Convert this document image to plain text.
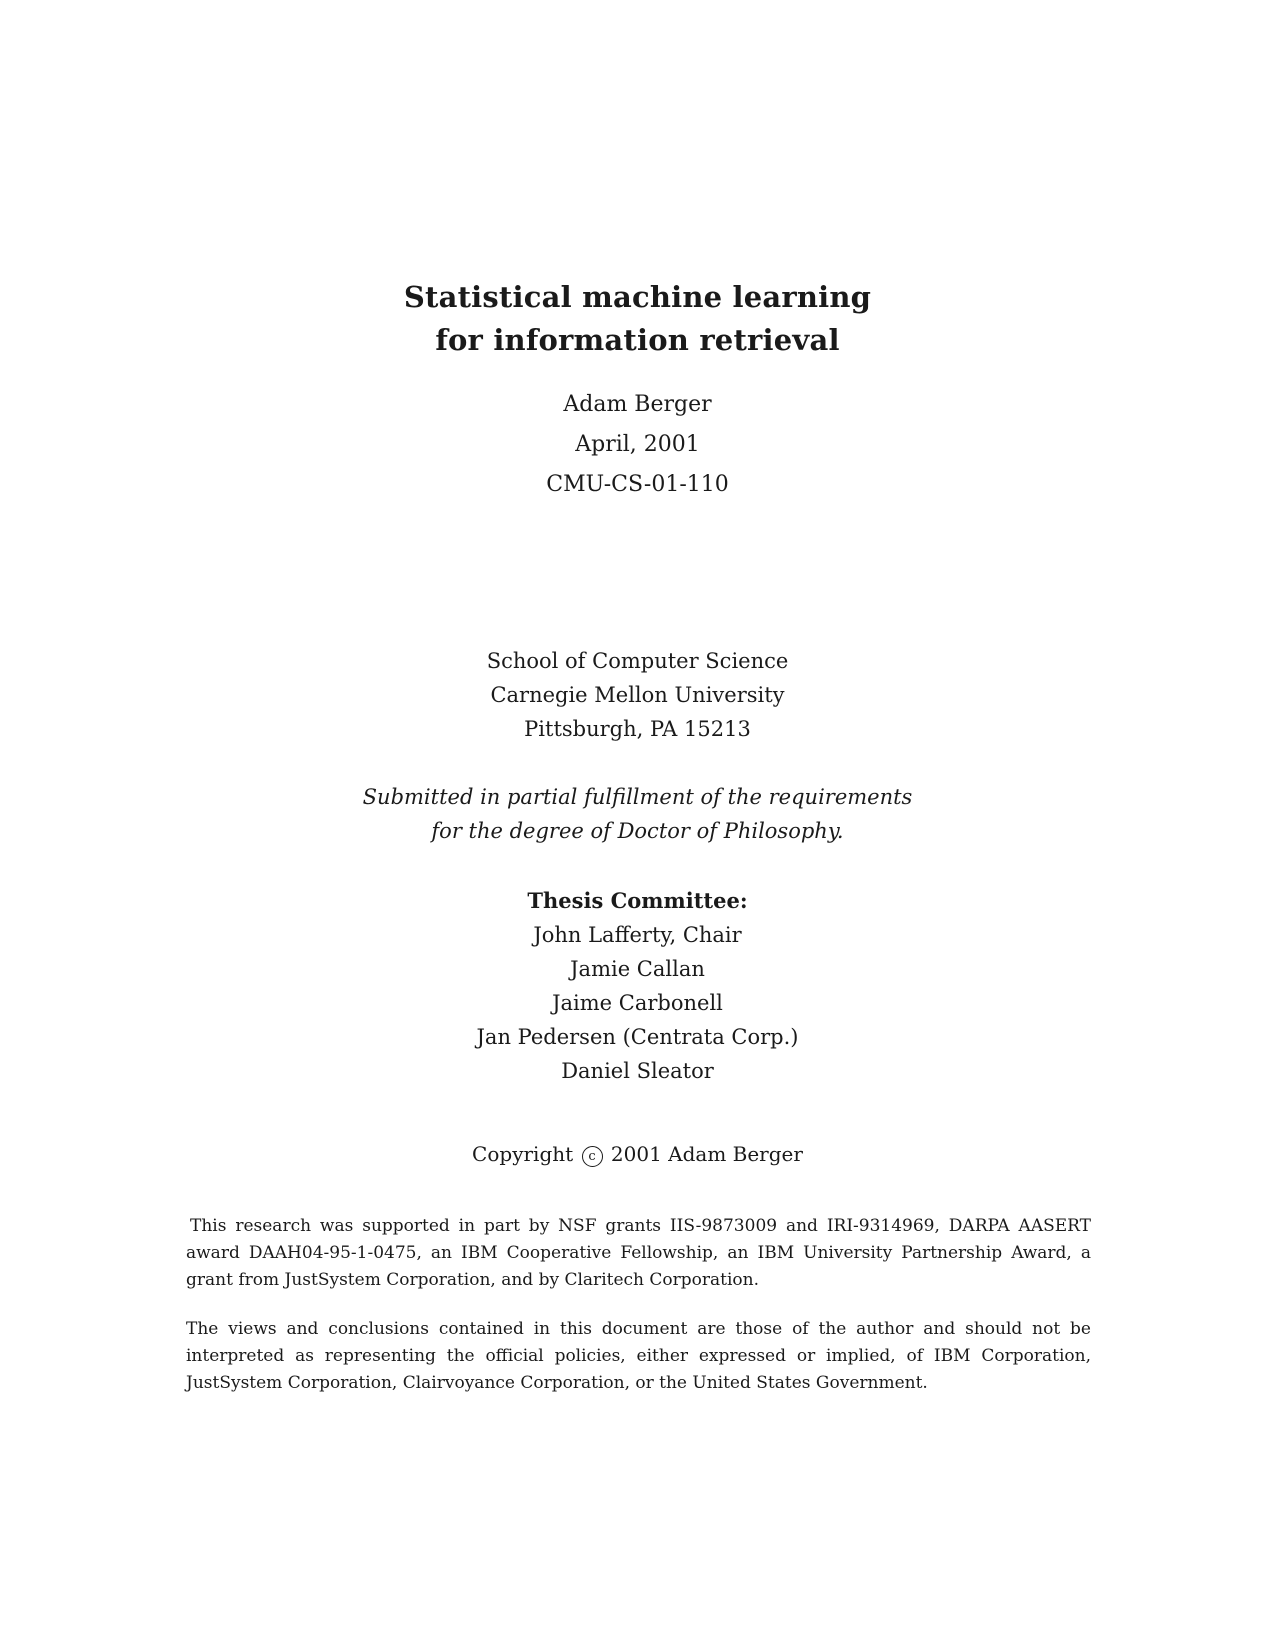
Statistical machine learning
for information retrieval
Adam Berger
April, 2001
CMU-CS-01-110
School of Computer Science
Carnegie Mellon University
Pittsburgh, PA 15213
Submitted in partial fulfillment of the requirements
for the degree of Doctor of Philosophy.
Thesis Committee:
John Lafferty, Chair
Jamie Callan
Jaime Carbonell
Jan Pedersen (Centrata Corp.)
Daniel Sleator
Copyright c 2001 Adam Berger
This research was supported in part by NSF grants IIS-9873009 and IRI-9314969, DARPA AASERT award DAAH04-95-1-0475, an IBM Cooperative Fellowship, an IBM University Partnership Award, a grant from JustSystem Corporation, and by Claritech Corporation.
The views and conclusions contained in this document are those of the author and should not be interpreted as representing the official policies, either expressed or implied, of IBM Corporation, JustSystem Corporation, Clairvoyance Corporation, or the United States Government.
